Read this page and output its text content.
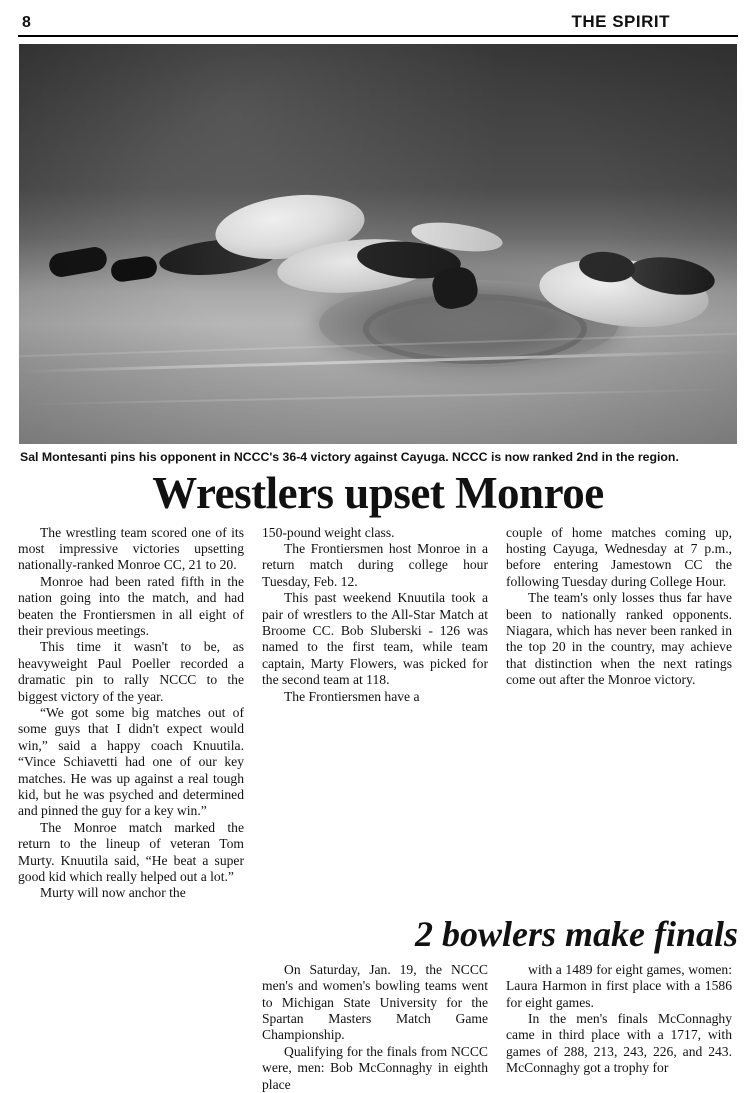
8	THE SPIRIT
Sal Montesanti pins his opponent in NCCC's 36-4 victory against Cayuga. NCCC is now ranked 2nd in the region.
Wrestlers upset Monroe

The wrestling team scored one of its most impressive victories upsetting nationally-ranked Monroe CC, 21 to 20.

Monroe had been rated fifth in the nation going into the match, and had beaten the Frontiersmen in all eight of their previous meetings.

This time it wasn't to be, as heavyweight Paul Poeller recorded a dramatic pin to rally NCCC to the biggest victory of the year.

“We got some big matches out of some guys that I didn't expect would win,” said a happy coach Knuutila. “Vince Schiavetti had one of our key matches. He was up against a real tough kid, but he was psyched and determined and pinned the guy for a key win.”

The Monroe match marked the return to the lineup of veteran Tom Murty. Knuutila said, “He beat a super good kid which really helped out a lot.”

Murty will now anchor the

150-pound weight class.

The Frontiersmen host Monroe in a return match during college hour Tuesday, Feb. 12.

This past weekend Knuutila took a pair of wrestlers to the All-Star Match at Broome CC. Bob Sluberski - 126 was named to the first team, while team captain, Marty Flowers, was picked for the second team at 118.

The Frontiersmen have a

couple of home matches coming up, hosting Cayuga, Wednesday at 7 p.m., before entering Jamestown CC the following Tuesday during College Hour.

The team's only losses thus far have been to nationally ranked opponents. Niagara, which has never been ranked in the top 20 in the country, may achieve that distinction when the next ratings come out after the Monroe victory.

2 bowlers make finals

On Saturday, Jan. 19, the NCCC men's and women's bowling teams went to Michigan State University for the Spartan Masters Match Game Championship.

Qualifying for the finals from NCCC were, men: Bob McConnaghy in eighth place

with a 1489 for eight games, women: Laura Harmon in first place with a 1586 for eight games.

In the men's finals McConnaghy came in third place with a 1717, with games of 288, 213, 243, 226, and 243. McConnaghy got a trophy for
